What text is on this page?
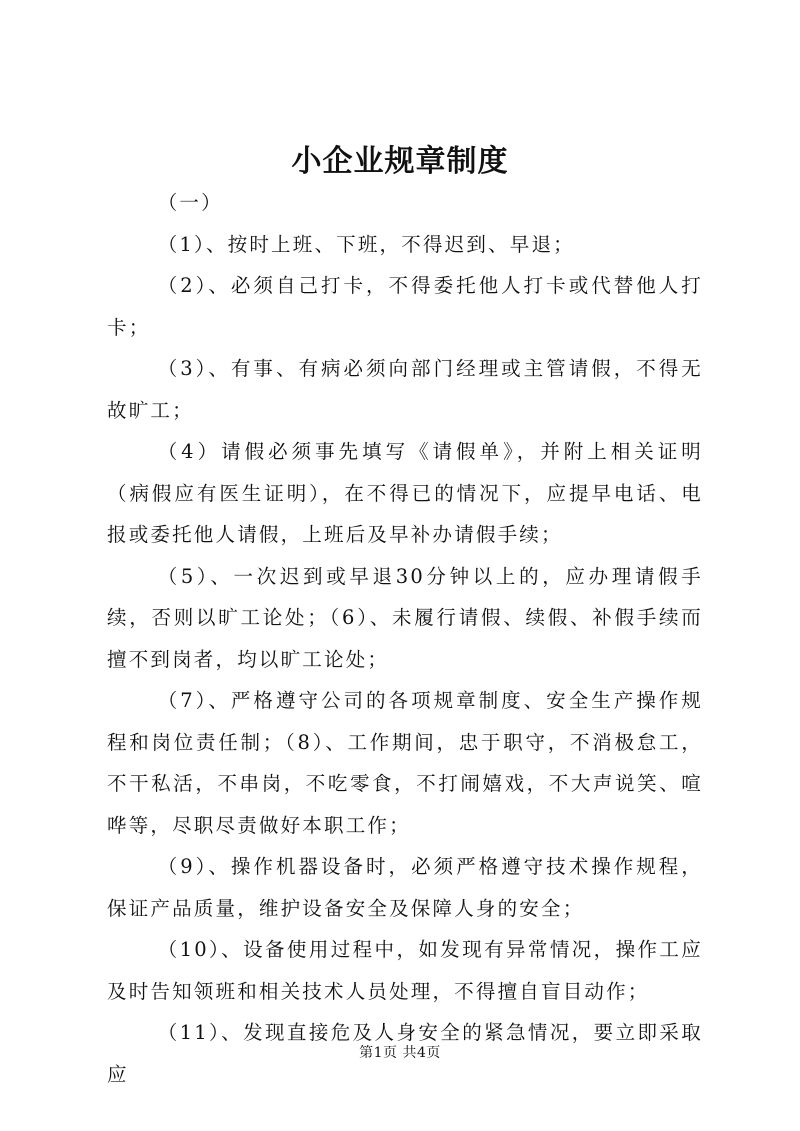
小企业规章制度

（一）

（1）、按时上班、下班，不得迟到、早退；

（2）、必须自己打卡，不得委托他人打卡或代替他人打卡；

（3）、有事、有病必须向部门经理或主管请假，不得无故旷工；

（4）请假必须事先填写《请假单》，并附上相关证明（病假应有医生证明），在不得已的情况下，应提早电话、电报或委托他人请假，上班后及早补办请假手续；

（5）、一次迟到或早退30分钟以上的，应办理请假手续，否则以旷工论处；（6）、未履行请假、续假、补假手续而擅不到岗者，均以旷工论处；

（7）、严格遵守公司的各项规章制度、安全生产操作规程和岗位责任制；（8）、工作期间，忠于职守，不消极怠工，不干私活，不串岗，不吃零食，不打闹嬉戏，不大声说笑、喧哗等，尽职尽责做好本职工作；

（9）、操作机器设备时，必须严格遵守技术操作规程，保证产品质量，维护设备安全及保障人身的安全；

（10）、设备使用过程中，如发现有异常情况，操作工应及时告知领班和相关技术人员处理，不得擅自盲目动作；

（11）、发现直接危及人身安全的紧急情况，要立即采取应

第1页 共4页
